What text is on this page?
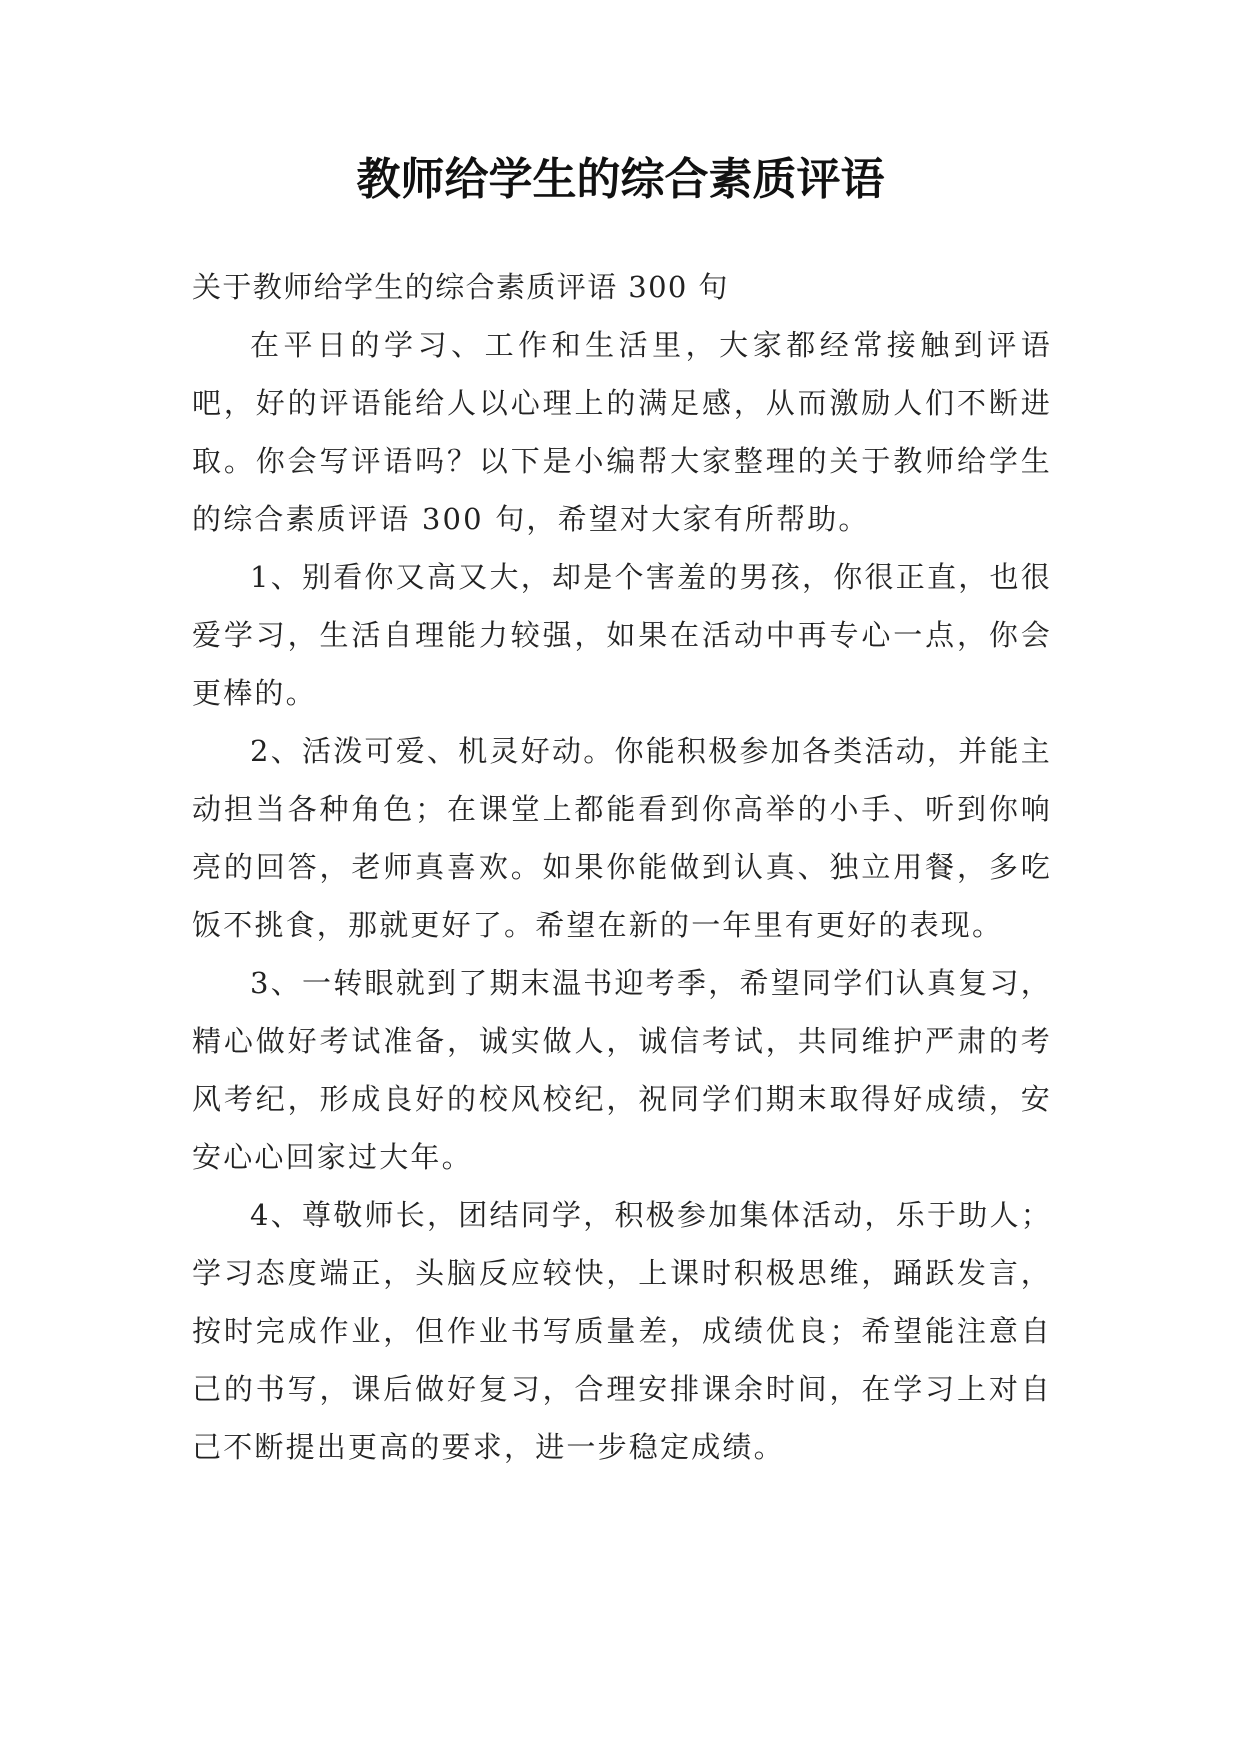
教师给学生的综合素质评语

关于教师给学生的综合素质评语 300 句

在平日的学习、工作和生活里，大家都经常接触到评语吧，好的评语能给人以心理上的满足感，从而激励人们不断进取。你会写评语吗？以下是小编帮大家整理的关于教师给学生的综合素质评语 300 句，希望对大家有所帮助。

1、别看你又高又大，却是个害羞的男孩，你很正直，也很爱学习，生活自理能力较强，如果在活动中再专心一点，你会更棒的。

2、活泼可爱、机灵好动。你能积极参加各类活动，并能主动担当各种角色；在课堂上都能看到你高举的小手、听到你响亮的回答，老师真喜欢。如果你能做到认真、独立用餐，多吃饭不挑食，那就更好了。希望在新的一年里有更好的表现。

3、一转眼就到了期末温书迎考季，希望同学们认真复习，精心做好考试准备，诚实做人，诚信考试，共同维护严肃的考风考纪，形成良好的校风校纪，祝同学们期末取得好成绩，安安心心回家过大年。

4、尊敬师长，团结同学，积极参加集体活动，乐于助人；学习态度端正，头脑反应较快，上课时积极思维，踊跃发言，按时完成作业，但作业书写质量差，成绩优良；希望能注意自己的书写，课后做好复习，合理安排课余时间，在学习上对自己不断提出更高的要求，进一步稳定成绩。
